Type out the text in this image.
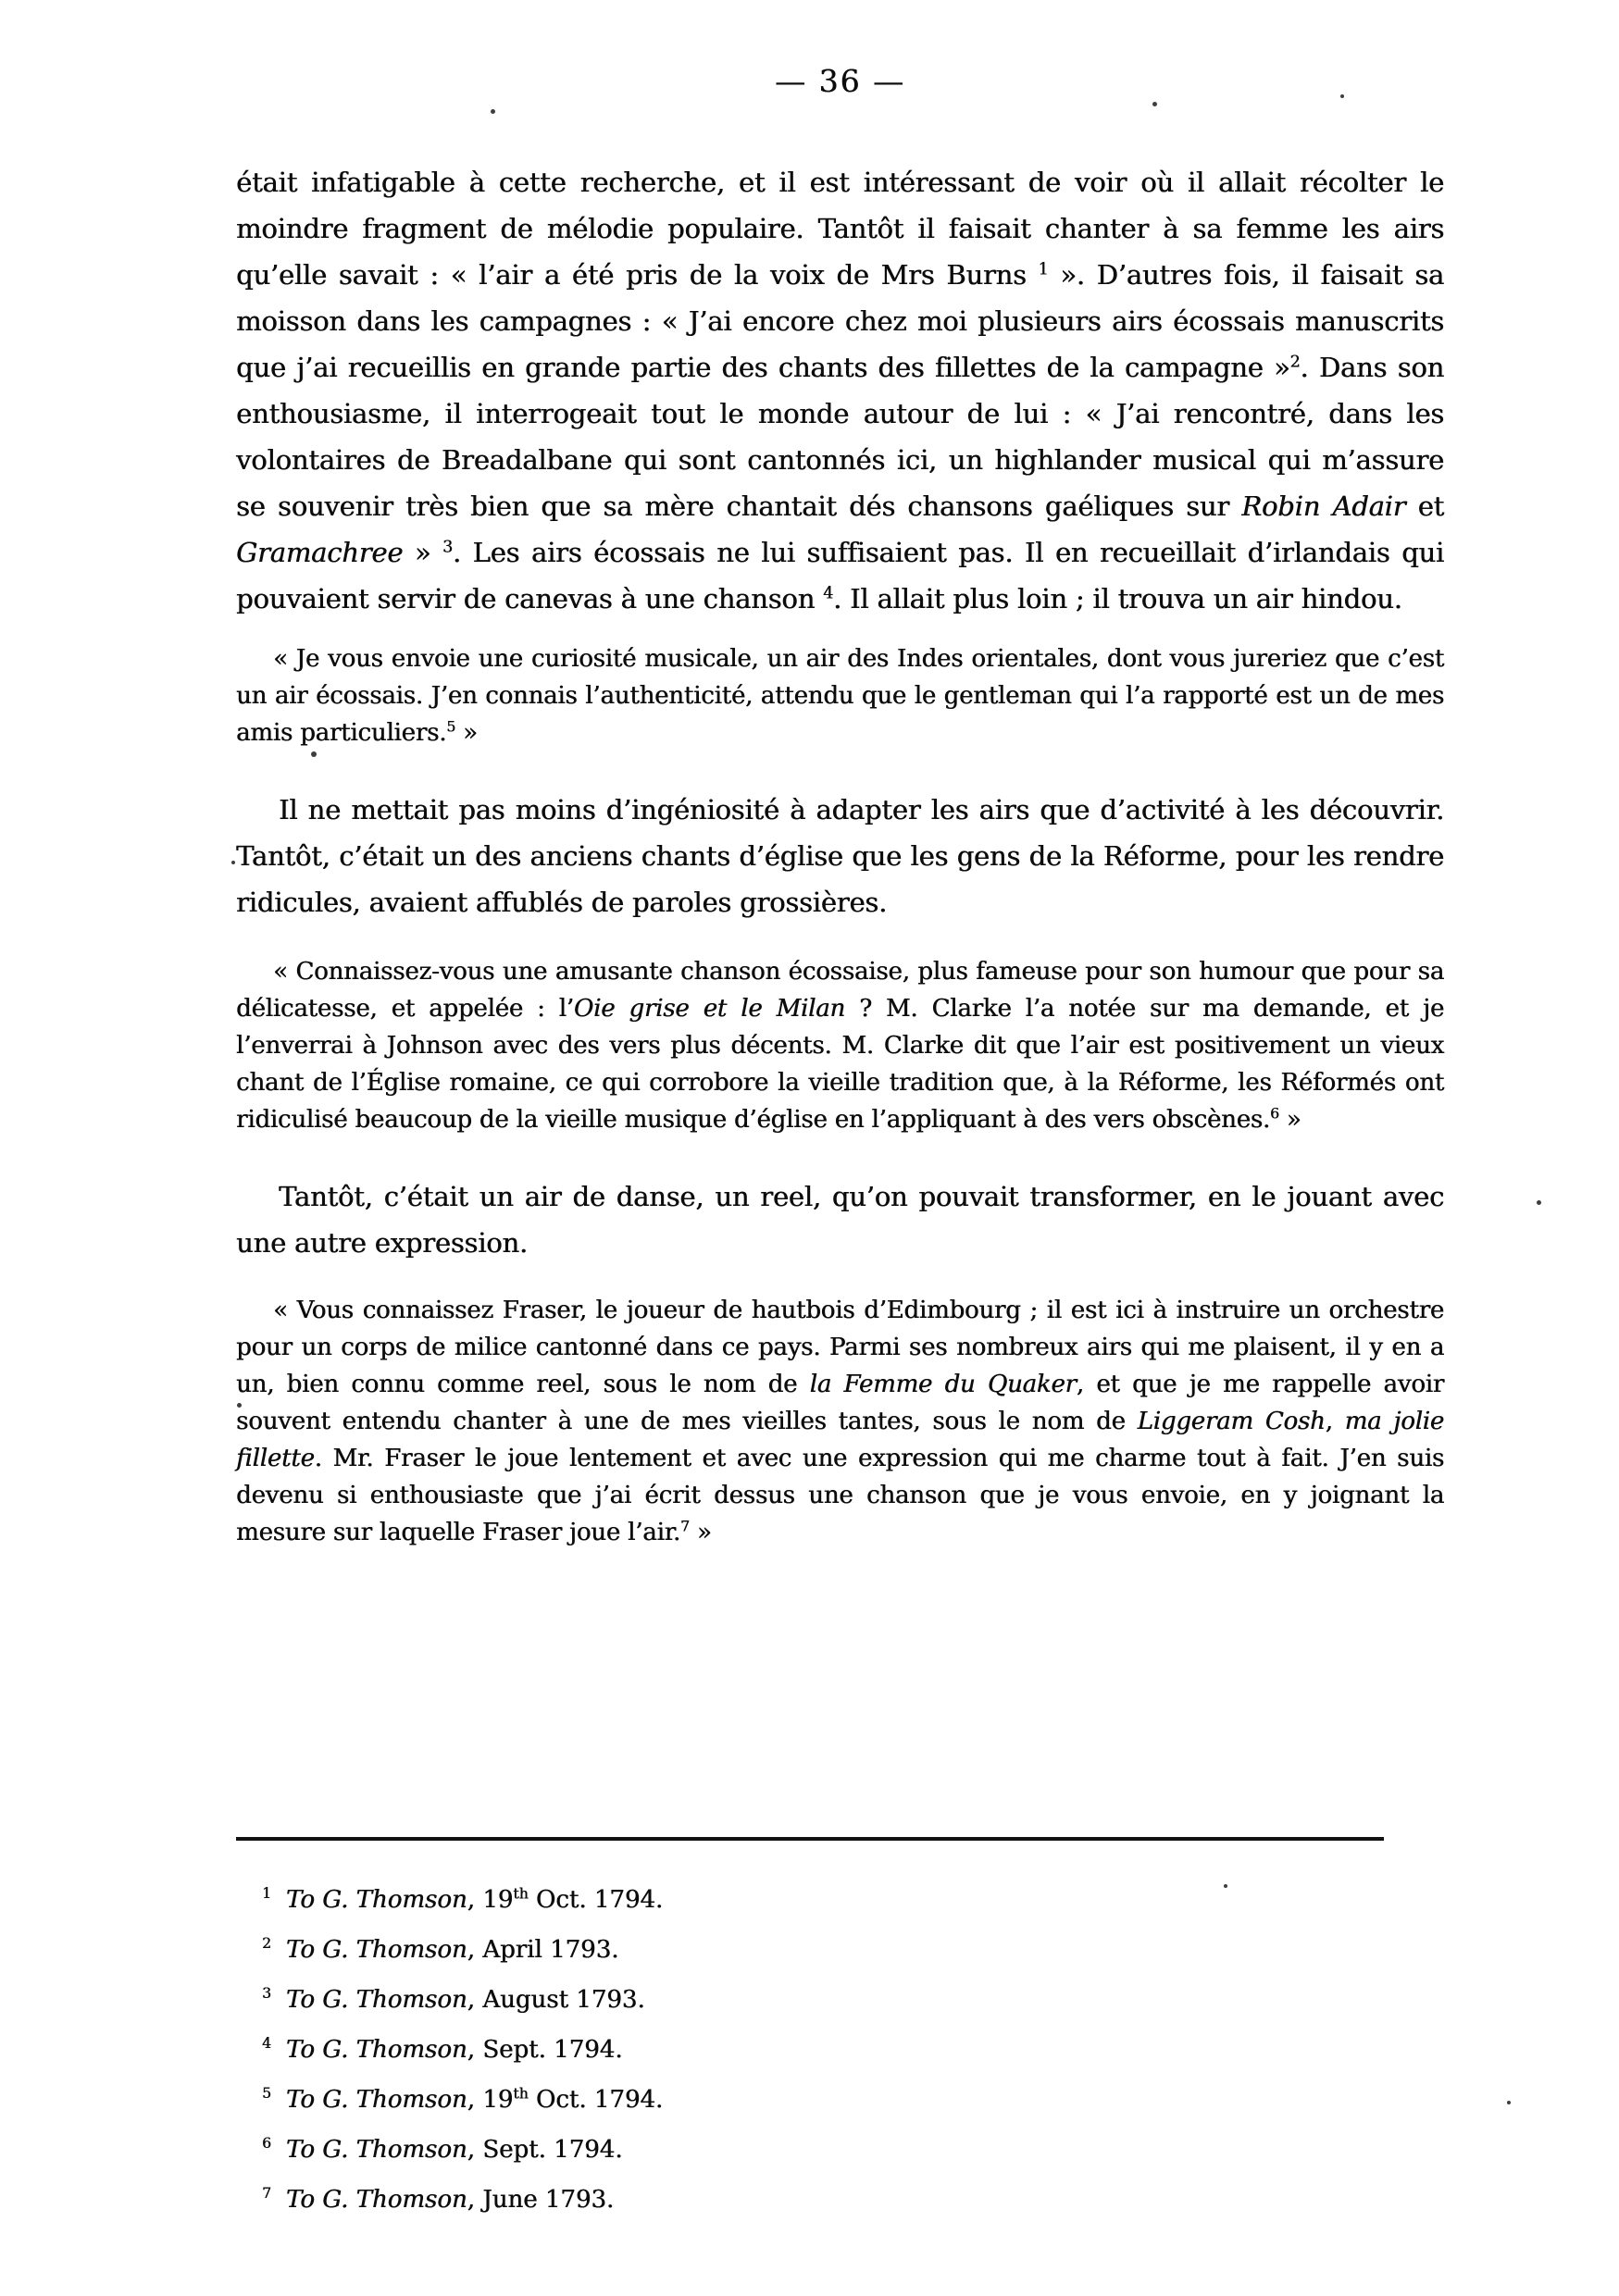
— 36 —

était infatigable à cette recherche, et il est intéressant de voir où il allait récolter le moindre fragment de mélodie populaire. Tantôt il faisait chanter à sa femme les airs qu’elle savait : « l’air a été pris de la voix de Mrs Burns $^1$ ». D’autres fois, il faisait sa moisson dans les campagnes : « J’ai encore chez moi plusieurs airs écossais manuscrits que j’ai recueillis en grande partie des chants des fillettes de la campagne »$^2$. Dans son enthousiasme, il interrogeait tout le monde autour de lui : « J’ai rencontré, dans les volontaires de Breadalbane qui sont cantonnés ici, un highlander musical qui m’assure se souvenir très bien que sa mère chantait dés chansons gaéliques sur Robin Adair et Gramachree » $^3$. Les airs écossais ne lui suffisaient pas. Il en recueillait d’irlandais qui pouvaient servir de canevas à une chanson $^4$. Il allait plus loin ; il trouva un air hindou.

« Je vous envoie une curiosité musicale, un air des Indes orientales, dont vous jureriez que c’est un air écossais. J’en connais l’authenticité, attendu que le gentleman qui l’a rapporté est un de mes amis particuliers.$^5$ »

Il ne mettait pas moins d’ingéniosité à adapter les airs que d’activité à les découvrir. Tantôt, c’était un des anciens chants d’église que les gens de la Réforme, pour les rendre ridicules, avaient affublés de paroles grossières.

« Connaissez-vous une amusante chanson écossaise, plus fameuse pour son humour que pour sa délicatesse, et appelée : l’Oie grise et le Milan ? M. Clarke l’a notée sur ma demande, et je l’enverrai à Johnson avec des vers plus décents. M. Clarke dit que l’air est positivement un vieux chant de l’Église romaine, ce qui corrobore la vieille tradition que, à la Réforme, les Réformés ont ridiculisé beaucoup de la vieille musique d’église en l’appliquant à des vers obscènes.$^6$ »

Tantôt, c’était un air de danse, un reel, qu’on pouvait transformer, en le jouant avec une autre expression.

« Vous connaissez Fraser, le joueur de hautbois d’Edimbourg ; il est ici à instruire un orchestre pour un corps de milice cantonné dans ce pays. Parmi ses nombreux airs qui me plaisent, il y en a un, bien connu comme reel, sous le nom de la Femme du Quaker, et que je me rappelle avoir souvent entendu chanter à une de mes vieilles tantes, sous le nom de Liggeram Cosh, ma jolie fillette. Mr. Fraser le joue lentement et avec une expression qui me charme tout à fait. J’en suis devenu si enthousiaste que j’ai écrit dessus une chanson que je vous envoie, en y joignant la mesure sur laquelle Fraser joue l’air.$^7$ »

$^1$ To G. Thomson, 19th Oct. 1794.
$^2$ To G. Thomson, April 1793.
$^3$ To G. Thomson, August 1793.
$^4$ To G. Thomson, Sept. 1794.
$^5$ To G. Thomson, 19th Oct. 1794.
$^6$ To G. Thomson, Sept. 1794.
$^7$ To G. Thomson, June 1793.
